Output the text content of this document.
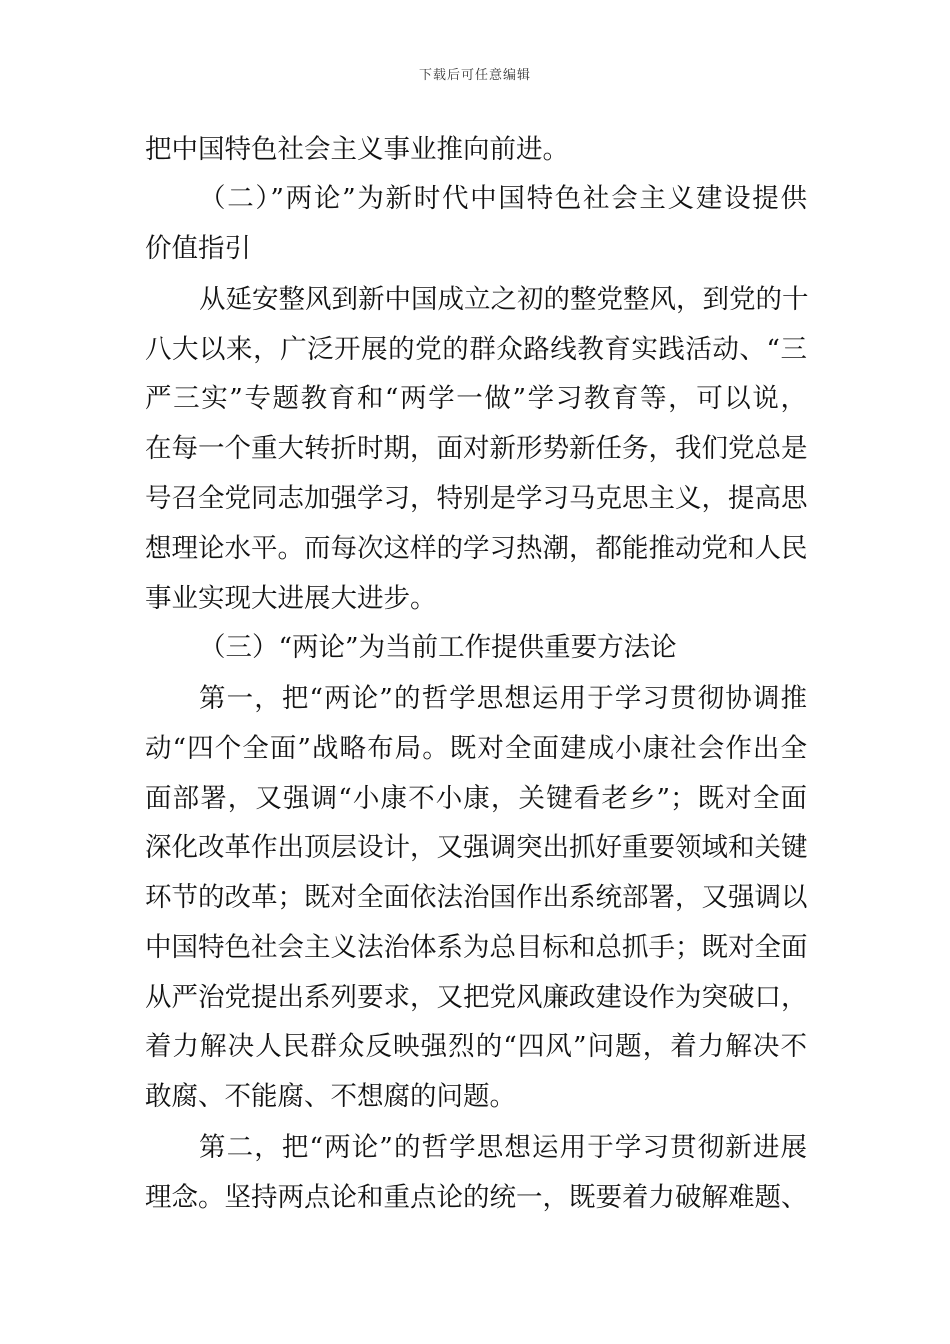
下载后可任意编辑
把中国特色社会主义事业推向前进。
（二）”两论”为新时代中国特色社会主义建设提供
价值指引
从延安整风到新中国成立之初的整党整风，到党的十
八大以来，广泛开展的党的群众路线教育实践活动、“三
严三实”专题教育和“两学一做”学习教育等，可以说，
在每一个重大转折时期，面对新形势新任务，我们党总是
号召全党同志加强学习，特别是学习马克思主义，提高思
想理论水平。而每次这样的学习热潮，都能推动党和人民
事业实现大进展大进步。
（三）“两论”为当前工作提供重要方法论
第一，把“两论”的哲学思想运用于学习贯彻协调推
动“四个全面”战略布局。既对全面建成小康社会作出全
面部署，又强调“小康不小康，关键看老乡”；既对全面
深化改革作出顶层设计，又强调突出抓好重要领域和关键
环节的改革；既对全面依法治国作出系统部署，又强调以
中国特色社会主义法治体系为总目标和总抓手；既对全面
从严治党提出系列要求，又把党风廉政建设作为突破口，
着力解决人民群众反映强烈的“四风”问题，着力解决不
敢腐、不能腐、不想腐的问题。
第二，把“两论”的哲学思想运用于学习贯彻新进展
理念。坚持两点论和重点论的统一，既要着力破解难题、
